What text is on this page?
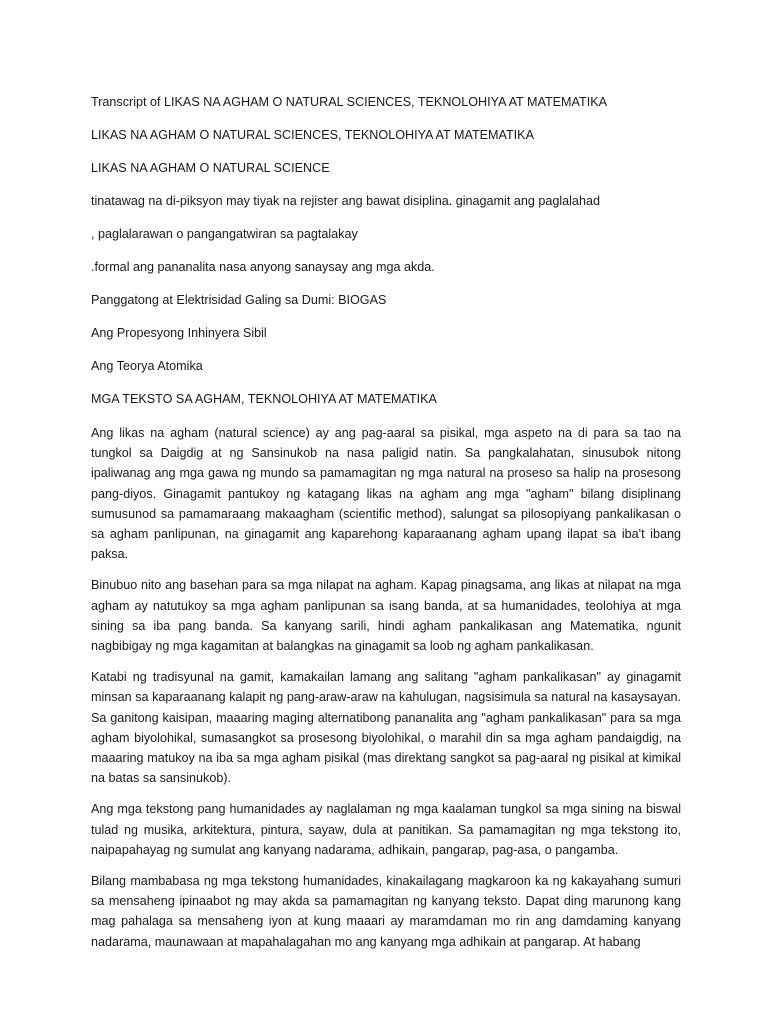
Transcript of LIKAS NA AGHAM O NATURAL SCIENCES, TEKNOLOHIYA AT MATEMATIKA
LIKAS NA AGHAM O NATURAL SCIENCES, TEKNOLOHIYA AT MATEMATIKA
LIKAS NA AGHAM O NATURAL SCIENCE
tinatawag na di-piksyon may tiyak na rejister ang bawat disiplina. ginagamit ang paglalahad
, paglalarawan o pangangatwiran sa pagtalakay
.formal ang pananalita nasa anyong sanaysay ang mga akda.
Panggatong at Elektrisidad Galing sa Dumi: BIOGAS
Ang Propesyong Inhinyera Sibil
Ang Teorya Atomika
MGA TEKSTO SA AGHAM, TEKNOLOHIYA AT MATEMATIKA

Ang likas na agham (natural science) ay ang pag-aaral sa pisikal, mga aspeto na di para sa tao na tungkol sa Daigdig at ng Sansinukob na nasa paligid natin. Sa pangkalahatan, sinusubok nitong ipaliwanag ang mga gawa ng mundo sa pamamagitan ng mga natural na proseso sa halip na prosesong pang-diyos. Ginagamit pantukoy ng katagang likas na agham ang mga "agham" bilang disiplinang sumusunod sa pamamaraang makaagham (scientific method), salungat sa pilosopiyang pankalikasan o sa agham panlipunan, na ginagamit ang kaparehong kaparaanang agham upang ilapat sa iba't ibang paksa.

Binubuo nito ang basehan para sa mga nilapat na agham. Kapag pinagsama, ang likas at nilapat na mga agham ay natutukoy sa mga agham panlipunan sa isang banda, at sa humanidades, teolohiya at mga sining sa iba pang banda. Sa kanyang sarili, hindi agham pankalikasan ang Matematika, ngunit nagbibigay ng mga kagamitan at balangkas na ginagamit sa loob ng agham pankalikasan.

Katabi ng tradisyunal na gamit, kamakailan lamang ang salitang "agham pankalikasan" ay ginagamit minsan sa kaparaanang kalapit ng pang-araw-araw na kahulugan, nagsisimula sa natural na kasaysayan. Sa ganitong kaisipan, maaaring maging alternatibong pananalita ang "agham pankalikasan" para sa mga agham biyolohikal, sumasangkot sa prosesong biyolohikal, o marahil din sa mga agham pandaigdig, na maaaring matukoy na iba sa mga agham pisikal (mas direktang sangkot sa pag-aaral ng pisikal at kimikal na batas sa sansinukob).

Ang mga tekstong pang humanidades ay naglalaman ng mga kaalaman tungkol sa mga sining na biswal tulad ng musika, arkitektura, pintura, sayaw, dula at panitikan. Sa pamamagitan ng mga tekstong ito, naipapahayag ng sumulat ang kanyang nadarama, adhikain, pangarap, pag-asa, o pangamba.

Bilang mambabasa ng mga tekstong humanidades, kinakailagang magkaroon ka ng kakayahang sumuri sa mensaheng ipinaabot ng may akda sa pamamagitan ng kanyang teksto. Dapat ding marunong kang mag pahalaga sa mensaheng iyon at kung maaari ay maramdaman mo rin ang damdaming kanyang nadarama, maunawaan at mapahalagahan mo ang kanyang mga adhikain at pangarap. At habang
